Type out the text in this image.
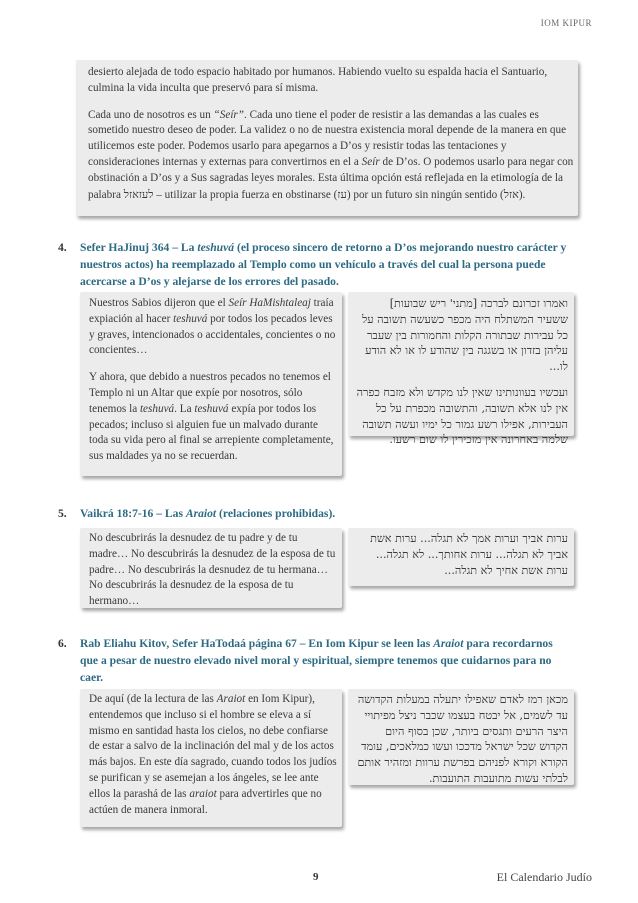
IOM KIPUR

desierto alejada de todo espacio habitado por humanos. Habiendo vuelto su espalda hacia el Santuario, culmina la vida inculta que preservó para sí misma.

Cada uno de nosotros es un “Seír”. Cada uno tiene el poder de resistir a las demandas a las cuales es sometido nuestro deseo de poder. La validez o no de nuestra existencia moral depende de la manera en que utilicemos este poder. Podemos usarlo para apegarnos a D’os y resistir todas las tentaciones y consideraciones internas y externas para convertirnos en el a Seír de D’os. O podemos usarlo para negar con obstinación a D’os y a Sus sagradas leyes morales. Esta última opción está reflejada en la etimología de la palabra לעזאזל – utilizar la propia fuerza en obstinarse (עז) por un futuro sin ningún sentido (אזל).

4. Sefer HaJinuj 364 – La teshuvá (el proceso sincero de retorno a D’os mejorando nuestro carácter y nuestros actos) ha reemplazado al Templo como un vehículo a través del cual la persona puede acercarse a D’os y alejarse de los errores del pasado.

Nuestros Sabios dijeron que el Seír HaMishtaleaj traía expiación al hacer teshuvá por todos los pecados leves y graves, intencionados o accidentales, concientes o no concientes…

Y ahora, que debido a nuestros pecados no tenemos el Templo ni un Altar que expíe por nosotros, sólo tenemos la teshuvá. La teshuvá expía por todos los pecados; incluso si alguien fue un malvado durante toda su vida pero al final se arrepiente completamente, sus maldades ya no se recuerdan.

ואמרו זכרונם לברכה [מתני' ריש שבועות] ששעיר המשתלח היה מכפר כשעשה תשובה על כל עבירות שבתורה הקלות והחמורות בין שעבר עליהן בזדון או בשגגה בין שהודע לו או לא הודע לו...

ועכשיו בעוונותינו שאין לנו מקדש ולא מזבח כפרה אין לנו אלא תשובה, והתשובה מכפרת על כל העבירות, אפילו רשע גמור כל ימיו ועשה תשובה שלמה באחרונה אין מזכירין לו שום רשעו.

5. Vaikrá 18:7-16 – Las Araiot (relaciones prohibidas).

No descubrirás la desnudez de tu padre y de tu madre… No descubrirás la desnudez de la esposa de tu padre… No descubrirás la desnudez de tu hermana… No descubrirás la desnudez de la esposa de tu hermano…

ערות אביך וערות אמך לא תגלה... ערות אשת אביך לא תגלה... ערות אחותך... לא תגלה... ערות אשת אחיך לא תגלה...

6. Rab Eliahu Kitov, Sefer HaTodaá página 67 – En Iom Kipur se leen las Araiot para recordarnos que a pesar de nuestro elevado nivel moral y espiritual, siempre tenemos que cuidarnos para no caer.

De aquí (de la lectura de las Araiot en Iom Kipur), entendemos que incluso si el hombre se eleva a sí mismo en santidad hasta los cielos, no debe confiarse de estar a salvo de la inclinación del mal y de los actos más bajos. En este día sagrado, cuando todos los judíos se purifican y se asemejan a los ángeles, se lee ante ellos la parashá de las araiot para advertirles que no actúen de manera inmoral.

מכאן רמז לאדם שאפילו יתעלה במעלות הקדושה עד לשמים, אל יבטח בעצמו שכבר ניצל מפיתויי היצר הרעים ותגסים ביותר, שכן בסוף היום הקדוש שכל ישראל מדככו ועשו כמלאכים, עומד הקורא וקורא לפניהם בפרשת ערוות ומזהיר אותם לבלתי עשות מתועבות התועבות.

9	El Calendario Judío
